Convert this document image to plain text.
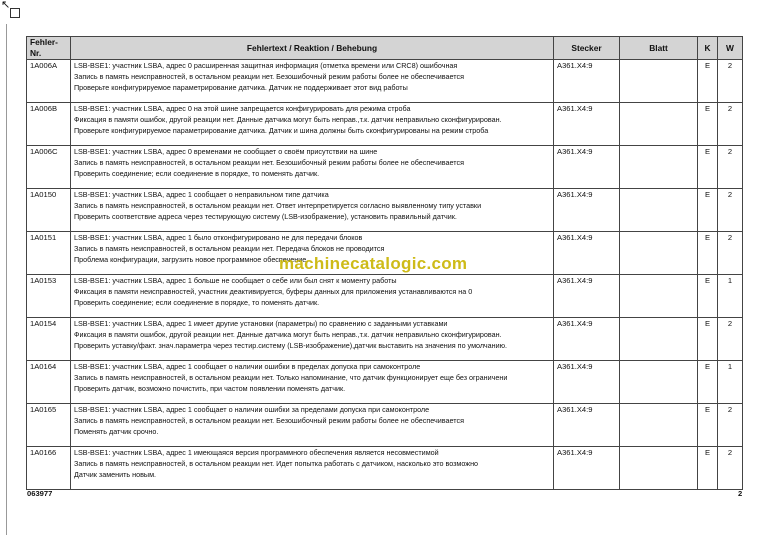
↖
Fehler-Nr.	Fehlertext / Reaktion / Behebung	Stecker	Blatt	K	W
1A006A	LSB-BSE1: участник LSBA, адрес 0 расширенная защитная информация (отметка времени или CRC8) ошибочная
Запись в память неисправностей, в остальном реакции нет. Безошибочный режим работы более не обеспечивается
Проверьте конфигурируемое параметрирование датчика. Датчик не поддерживает этот вид работы	A361.X4:9		E	2
1A006B	LSB-BSE1: участник LSBA, адрес 0 на этой шине запрещается конфигурировать для режима строба
Фиксация в памяти ошибок, другой реакции нет. Данные датчика могут быть неправ.,т.к. датчик неправильно сконфигурирован.
Проверьте конфигурируемое параметрирование датчика. Датчик и шина должны быть сконфигурированы на режим строба	A361.X4:9		E	2
1A006C	LSB-BSE1: участник LSBA, адрес 0 временами не сообщает о своём присутствии на шине
Запись в память неисправностей, в остальном реакции нет. Безошибочный режим работы более не обеспечивается
Проверить соединение; если соединение в порядке, то поменять датчик.	A361.X4:9		E	2
1A0150	LSB-BSE1: участник LSBA, адрес 1 сообщает о неправильном типе датчика
Запись в память неисправностей, в остальном реакции нет. Ответ интерпретируется согласно выявленному типу уставки
Проверить соответствие адреса через тестирующую систему (LSB-изображение), установить правильный датчик.	A361.X4:9		E	2
1A0151	LSB-BSE1: участник LSBA, адрес 1 было отконфигурировано не для передачи блоков
Запись в память неисправностей, в остальном реакции нет. Передача блоков не проводится
Проблема конфигурации, загрузить новое программное обеспечение.	A361.X4:9		E	2
1A0153	LSB-BSE1: участник LSBA, адрес 1 больше не сообщает о себе или был снят к моменту работы
Фиксация в памяти неисправностей, участник деактивируется, буферы данных для приложения устанавливаются на 0
Проверить соединение; если соединение в порядке, то поменять датчик.	A361.X4:9		E	1
1A0154	LSB-BSE1: участник LSBA, адрес 1 имеет другие установки (параметры) по сравнению с заданными уставками
Фиксация в памяти ошибок, другой реакции нет. Данные датчика могут быть неправ.,т.к. датчик неправильно сконфигурирован.
Проверить уставку/факт. знач.параметра через тестир.систему (LSB-изображение),датчик выставить на значения по умолчанию.	A361.X4:9		E	2
1A0164	LSB-BSE1: участник LSBA, адрес 1 сообщает о наличии ошибки в пределах допуска при самоконтроле
Запись в память неисправностей, в остальном реакции нет. Только напоминание, что датчик функционирует еще без ограничени
Проверить датчик, возможно почистить, при частом появлении поменять датчик.	A361.X4:9		E	1
1A0165	LSB-BSE1: участник LSBA, адрес 1 сообщает о наличии ошибки за пределами допуска при самоконтроле
Запись в память неисправностей, в остальном реакции нет. Безошибочный режим работы более не обеспечивается
Поменять датчик срочно.	A361.X4:9		E	2
1A0166	LSB-BSE1: участник LSBA, адрес 1 имеющаяся версия программного обеспечения является несовместимой
Запись в память неисправностей, в остальном реакции нет. Идет попытка работать с датчиком, насколько это возможно
Датчик заменить новым.	A361.X4:9		E	2
machinecatalogic.com
063977	2
